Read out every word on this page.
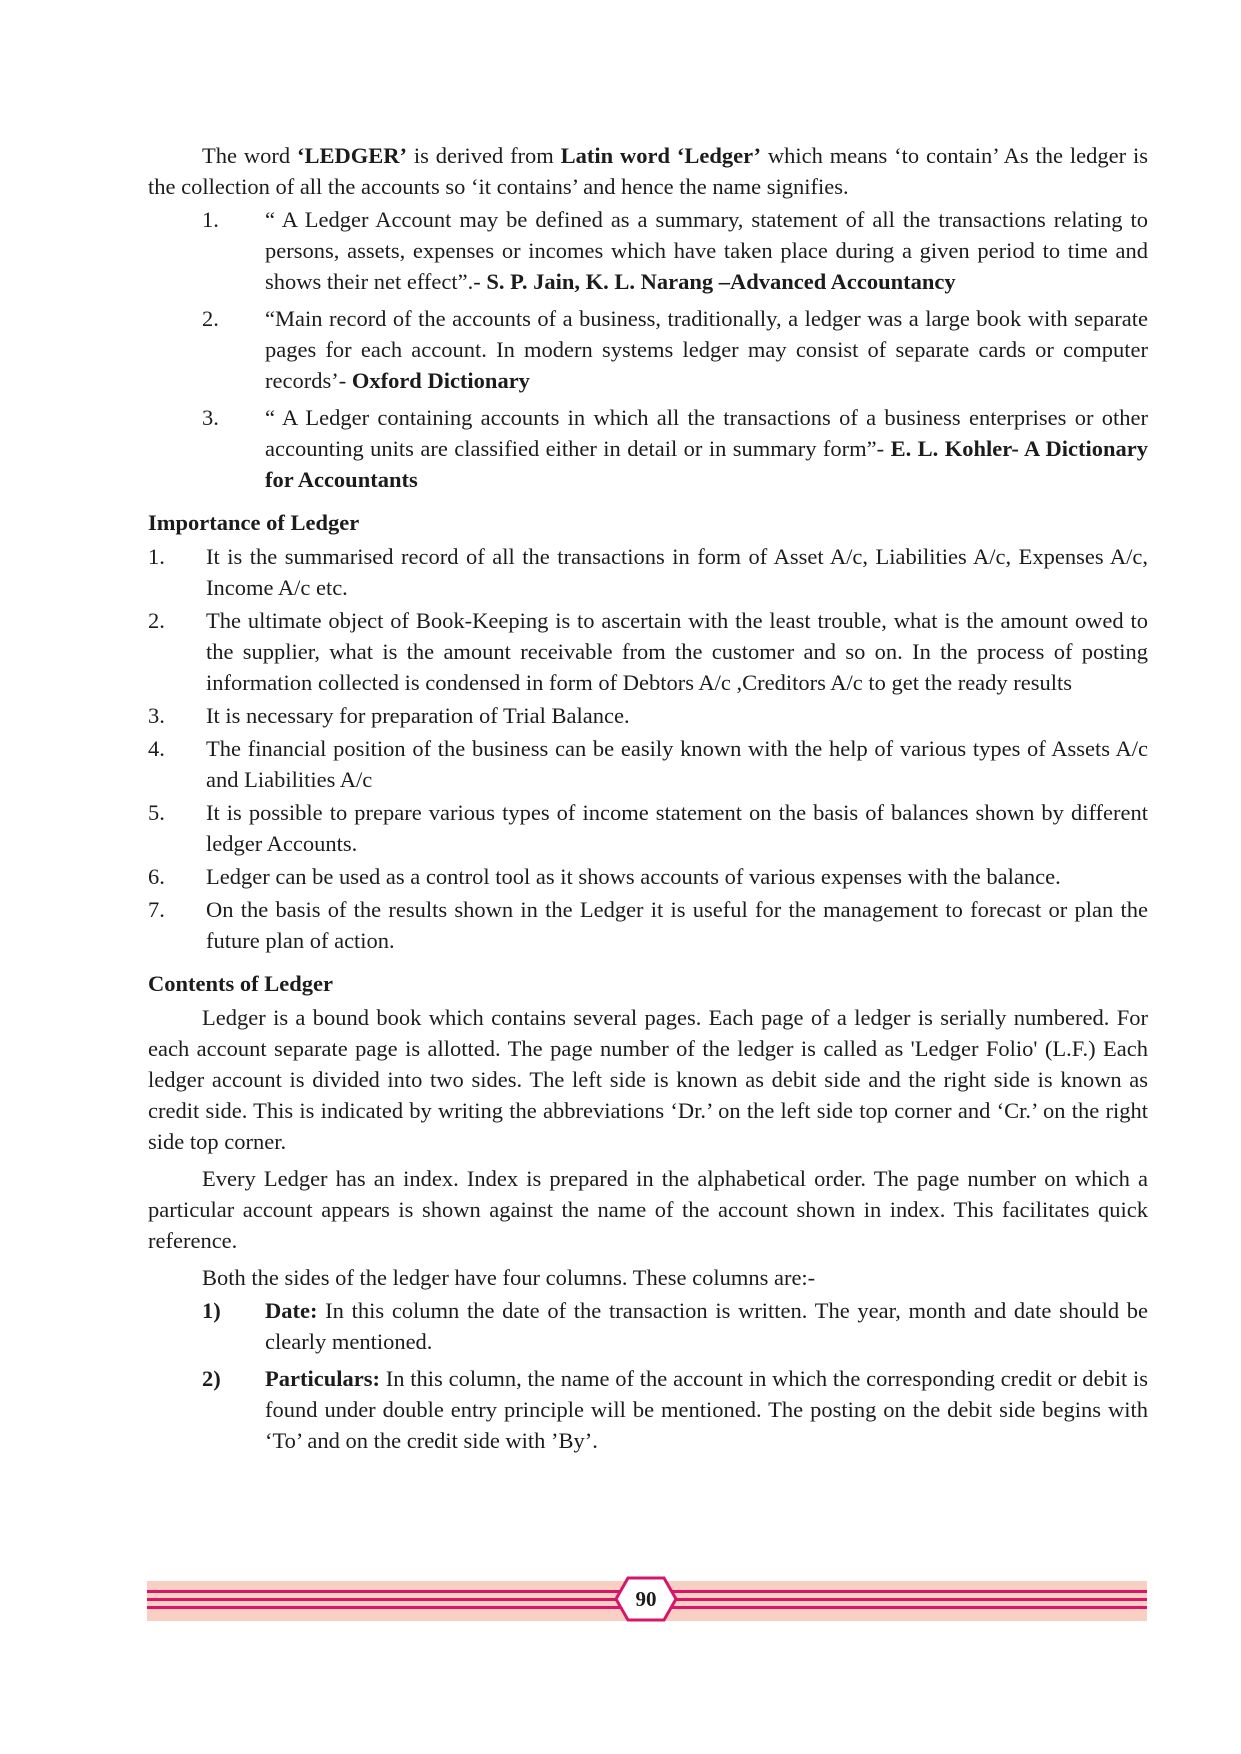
The word ‘LEDGER’ is derived from Latin word ‘Ledger’ which means ‘to contain’ As the ledger is the collection of all the accounts so ‘it contains’ and hence the name signifies.

1. “ A Ledger Account may be defined as a summary, statement of all the transactions relating to persons, assets, expenses or incomes which have taken place during a given period to time and shows their net effect”.- S. P. Jain, K. L. Narang –Advanced Accountancy
2. “Main record of the accounts of a business, traditionally, a ledger was a large book with separate pages for each account. In modern systems ledger may consist of separate cards or computer records’- Oxford Dictionary
3. “ A Ledger containing accounts in which all the transactions of a business enterprises or other accounting units are classified either in detail or in summary form”- E. L. Kohler- A Dictionary for Accountants
Importance of Ledger
1. It is the summarised record of all the transactions in form of Asset A/c, Liabilities A/c, Expenses A/c, Income A/c etc.
2. The ultimate object of Book-Keeping is to ascertain with the least trouble, what is the amount owed to the supplier, what is the amount receivable from the customer and so on. In the process of posting information collected is condensed in form of Debtors A/c ,Creditors A/c to get the ready results
3. It is necessary for preparation of Trial Balance.
4. The financial position of the business can be easily known with the help of various types of Assets A/c and Liabilities A/c
5. It is possible to prepare various types of income statement on the basis of balances shown by different ledger Accounts.
6. Ledger can be used as a control tool as it shows accounts of various expenses with the balance.
7. On the basis of the results shown in the Ledger it is useful for the management to forecast or plan the future plan of action.
Contents of Ledger

Ledger is a bound book which contains several pages. Each page of a ledger is serially numbered. For each account separate page is allotted. The page number of the ledger is called as 'Ledger Folio' (L.F.) Each ledger account is divided into two sides. The left side is known as debit side and the right side is known as credit side. This is indicated by writing the abbreviations ‘Dr.’ on the left side top corner and ‘Cr.’ on the right side top corner.

Every Ledger has an index. Index is prepared in the alphabetical order. The page number on which a particular account appears is shown against the name of the account shown in index. This facilitates quick reference.

Both the sides of the ledger have four columns. These columns are:-

1) Date: In this column the date of the transaction is written. The year, month and date should be clearly mentioned.
2) Particulars: In this column, the name of the account in which the corresponding credit or debit is found under double entry principle will be mentioned. The posting on the debit side begins with ‘To’ and on the credit side with ’By’.
90
